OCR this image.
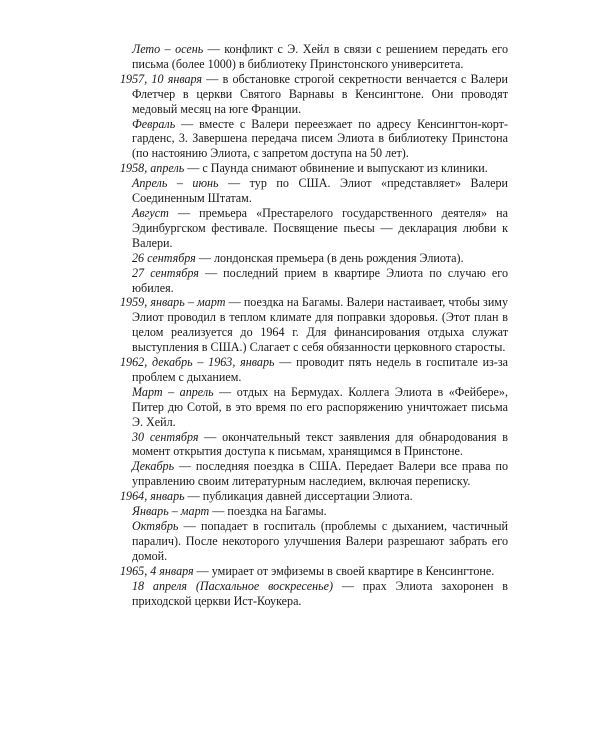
Лето – осень — конфликт с Э. Хейл в связи с решением передать его письма (более 1000) в библиотеку Принстонского университета.

1957, 10 января — в обстановке строгой секретности венчается с Валери Флетчер в церкви Святого Варнавы в Кенсингтоне. Они проводят медовый месяц на юге Франции.

Февраль — вместе с Валери переезжает по адресу Кенсингтон-корт-гарденс, 3. Завершена передача писем Элиота в библиотеку Принстона (по настоянию Элиота, с запретом доступа на 50 лет).

1958, апрель — с Паунда снимают обвинение и выпускают из клиники.

Апрель – июнь — тур по США. Элиот «представляет» Валери Соединенным Штатам.

Август — премьера «Престарелого государственного деятеля» на Эдинбургском фестивале. Посвящение пьесы — декларация любви к Валери.

26 сентября — лондонская премьера (в день рождения Элиота).

27 сентября — последний прием в квартире Элиота по случаю его юбилея.

1959, январь – март — поездка на Багамы. Валери настаивает, чтобы зиму Элиот проводил в теплом климате для поправки здоровья. (Этот план в целом реализуется до 1964 г. Для финансирования отдыха служат выступления в США.) Слагает с себя обязанности церковного старосты.

1962, декабрь – 1963, январь — проводит пять недель в госпитале из-за проблем с дыханием.

Март – апрель — отдых на Бермудах. Коллега Элиота в «Фейбере», Питер дю Сотой, в это время по его распоряжению уничтожает письма Э. Хейл.

30 сентября — окончательный текст заявления для обнародования в момент открытия доступа к письмам, хранящимся в Принстоне.

Декабрь — последняя поездка в США. Передает Валери все права по управлению своим литературным наследием, включая переписку.

1964, январь — публикация давней диссертации Элиота.

Январь – март — поездка на Багамы.

Октябрь — попадает в госпиталь (проблемы с дыханием, частичный паралич). После некоторого улучшения Валери разрешают забрать его домой.

1965, 4 января — умирает от эмфиземы в своей квартире в Кенсингтоне.

18 апреля (Пасхальное воскресенье) — прах Элиота захоронен в приходской церкви Ист-Коукера.
